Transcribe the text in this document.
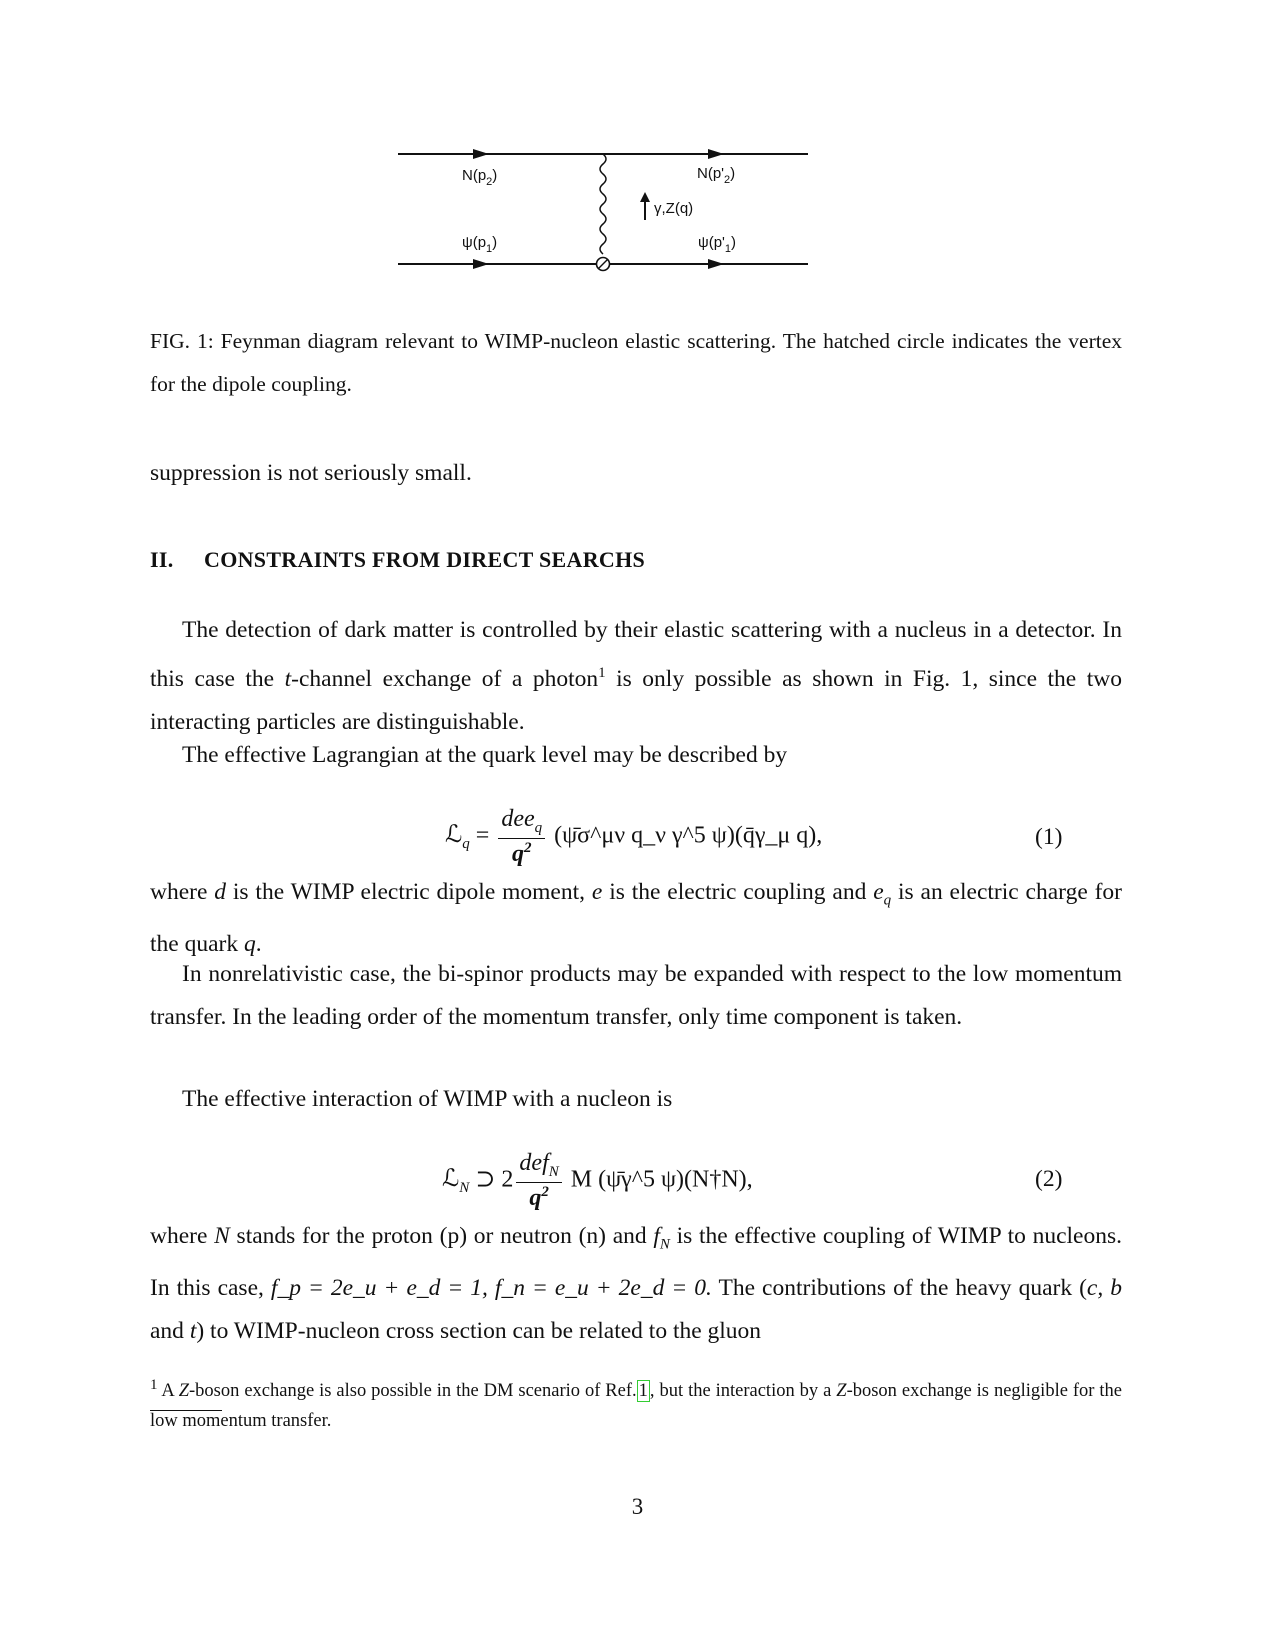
$N(p_2)$	$N(p'_2)$
γ,Z(q)
$\psi(p_1)$	$\psi(p'_1)$
FIG. 1: Feynman diagram relevant to WIMP-nucleon elastic scattering. The hatched circle indicates the vertex for the dipole coupling.
suppression is not seriously small.
II. CONSTRAINTS FROM DIRECT SEARCHS
The detection of dark matter is controlled by their elastic scattering with a nucleus in a detector. In this case the t-channel exchange of a photon$^1$ is only possible as shown in Fig. 1, since the two interacting particles are distinguishable.
The effective Lagrangian at the quark level may be described by
ℒ$_q$ = $\frac{dee_q}{q^2}$ (ψ̄σ^μν q_ν γ^5 ψ)(q̄γ_μ q),	(1)
where d is the WIMP electric dipole moment, e is the electric coupling and $e_q$ is an electric charge for the quark q.
In nonrelativistic case, the bi-spinor products may be expanded with respect to the low momentum transfer. In the leading order of the momentum transfer, only time component is taken.
The effective interaction of WIMP with a nucleon is
ℒ$_N$ ⊃ $2 \frac{def_N}{q^2}$ M (ψ̄γ^5 ψ)(N†N),	(2)
where N stands for the proton (p) or neutron (n) and $f_N$ is the effective coupling of WIMP to nucleons. In this case, f_p = 2e_u + e_d = 1, f_n = e_u + 2e_d = 0. The contributions of the heavy quark (c, b and t) to WIMP-nucleon cross section can be related to the gluon
$^1$ A Z-boson exchange is also possible in the DM scenario of Ref. 1 , but the interaction by a Z-boson exchange is negligible for the low momentum transfer.
3
